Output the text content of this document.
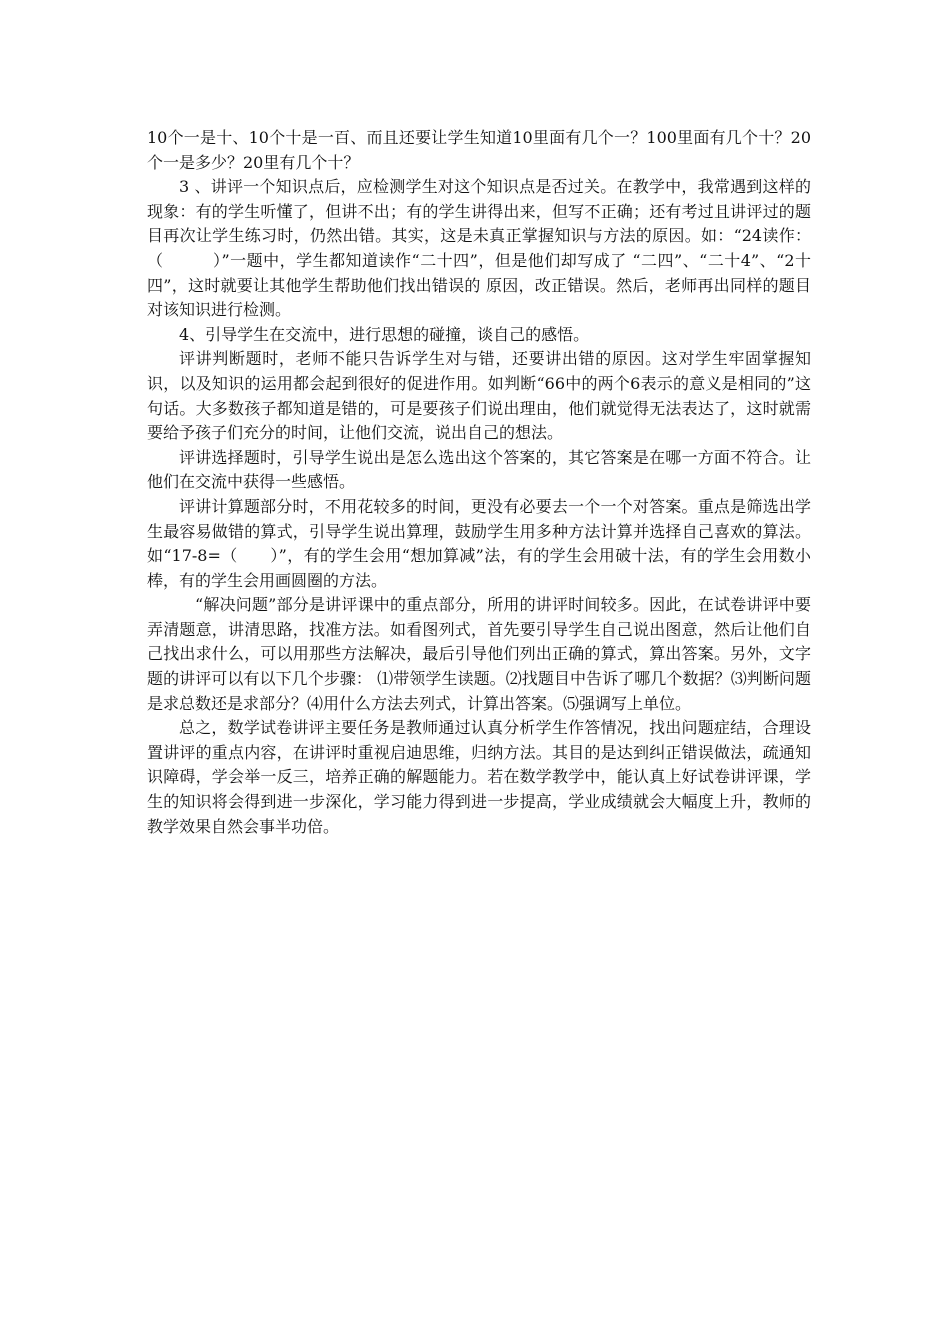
10个一是十、10个十是一百、而且还要让学生知道10里面有几个一？100里面有几个十？20个一是多少？20里有几个十？

3 、讲评一个知识点后，应检测学生对这个知识点是否过关。在教学中，我常遇到这样的现象：有的学生听懂了，但讲不出；有的学生讲得出来，但写不正确；还有考过且讲评过的题目再次让学生练习时，仍然出错。其实，这是未真正掌握知识与方法的原因。如：“24读作：（　　　）”一题中，学生都知道读作“二十四”，但是他们却写成了 “二四”、“二十4”、“2十四”，这时就要让其他学生帮助他们找出错误的 原因，改正错误。然后，老师再出同样的题目对该知识进行检测。

4、引导学生在交流中，进行思想的碰撞，谈自己的感悟。

评讲判断题时，老师不能只告诉学生对与错，还要讲出错的原因。这对学生牢固掌握知识，以及知识的运用都会起到很好的促进作用。如判断“66中的两个6表示的意义是相同的”这句话。大多数孩子都知道是错的，可是要孩子们说出理由，他们就觉得无法表达了，这时就需要给予孩子们充分的时间，让他们交流，说出自己的想法。

评讲选择题时，引导学生说出是怎么选出这个答案的，其它答案是在哪一方面不符合。让他们在交流中获得一些感悟。

评讲计算题部分时，不用花较多的时间，更没有必要去一个一个对答案。重点是筛选出学生最容易做错的算式，引导学生说出算理，鼓励学生用多种方法计算并选择自己喜欢的算法。如“17-8=（　　）”，有的学生会用“想加算减”法，有的学生会用破十法，有的学生会用数小棒，有的学生会用画圆圈的方法。

“解决问题”部分是讲评课中的重点部分，所用的讲评时间较多。因此，在试卷讲评中要弄清题意，讲清思路，找准方法。如看图列式，首先要引导学生自己说出图意，然后让他们自己找出求什么，可以用那些方法解决，最后引导他们列出正确的算式，算出答案。另外，文字题的讲评可以有以下几个步骤： ⑴带领学生读题。⑵找题目中告诉了哪几个数据？⑶判断问题是求总数还是求部分？⑷用什么方法去列式，计算出答案。⑸强调写上单位。

总之，数学试卷讲评主要任务是教师通过认真分析学生作答情况，找出问题症结，合理设置讲评的重点内容，在讲评时重视启迪思维，归纳方法。其目的是达到纠正错误做法，疏通知识障碍，学会举一反三，培养正确的解题能力。若在数学教学中，能认真上好试卷讲评课，学生的知识将会得到进一步深化，学习能力得到进一步提高，学业成绩就会大幅度上升，教师的教学效果自然会事半功倍。
